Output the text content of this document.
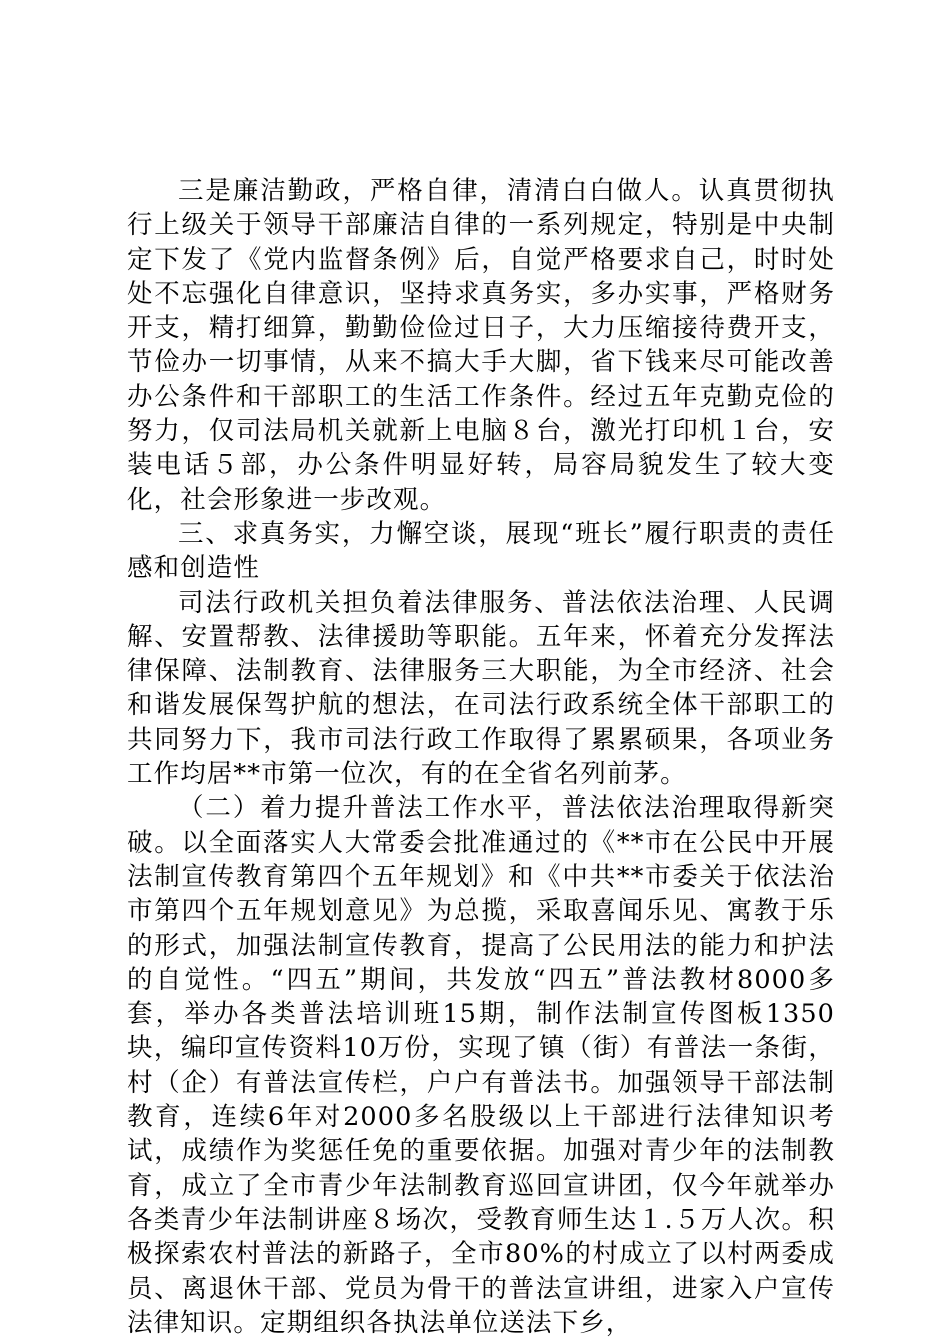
三是廉洁勤政，严格自律，清清白白做人。认真贯彻执行上级关于领导干部廉洁自律的一系列规定，特别是中央制定下发了《党内监督条例》后，自觉严格要求自己，时时处处不忘强化自律意识，坚持求真务实，多办实事，严格财务开支，精打细算，勤勤俭俭过日子，大力压缩接待费开支，节俭办一切事情，从来不搞大手大脚，省下钱来尽可能改善办公条件和干部职工的生活工作条件。经过五年克勤克俭的努力，仅司法局机关就新上电脑８台，激光打印机１台，安装电话５部，办公条件明显好转，局容局貌发生了较大变化，社会形象进一步改观。

三、求真务实，力懈空谈，展现“班长”履行职责的责任感和创造性

司法行政机关担负着法律服务、普法依法治理、人民调解、安置帮教、法律援助等职能。五年来，怀着充分发挥法律保障、法制教育、法律服务三大职能，为全市经济、社会和谐发展保驾护航的想法，在司法行政系统全体干部职工的共同努力下，我市司法行政工作取得了累累硕果，各项业务工作均居**市第一位次，有的在全省名列前茅。

（二）着力提升普法工作水平，普法依法治理取得新突破。以全面落实人大常委会批准通过的《**市在公民中开展法制宣传教育第四个五年规划》和《中共**市委关于依法治市第四个五年规划意见》为总揽，采取喜闻乐见、寓教于乐的形式，加强法制宣传教育，提高了公民用法的能力和护法的自觉性。“四五”期间，共发放“四五”普法教材8000多套，举办各类普法培训班15期，制作法制宣传图板1350块，编印宣传资料10万份，实现了镇（街）有普法一条街，村（企）有普法宣传栏，户户有普法书。加强领导干部法制教育，连续6年对2000多名股级以上干部进行法律知识考试，成绩作为奖惩任免的重要依据。加强对青少年的法制教育，成立了全市青少年法制教育巡回宣讲团，仅今年就举办各类青少年法制讲座８场次，受教育师生达１.５万人次。积极探索农村普法的新路子，全市80%的村成立了以村两委成员、离退休干部、党员为骨干的普法宣讲组，进家入户宣传法律知识。定期组织各执法单位送法下乡，
